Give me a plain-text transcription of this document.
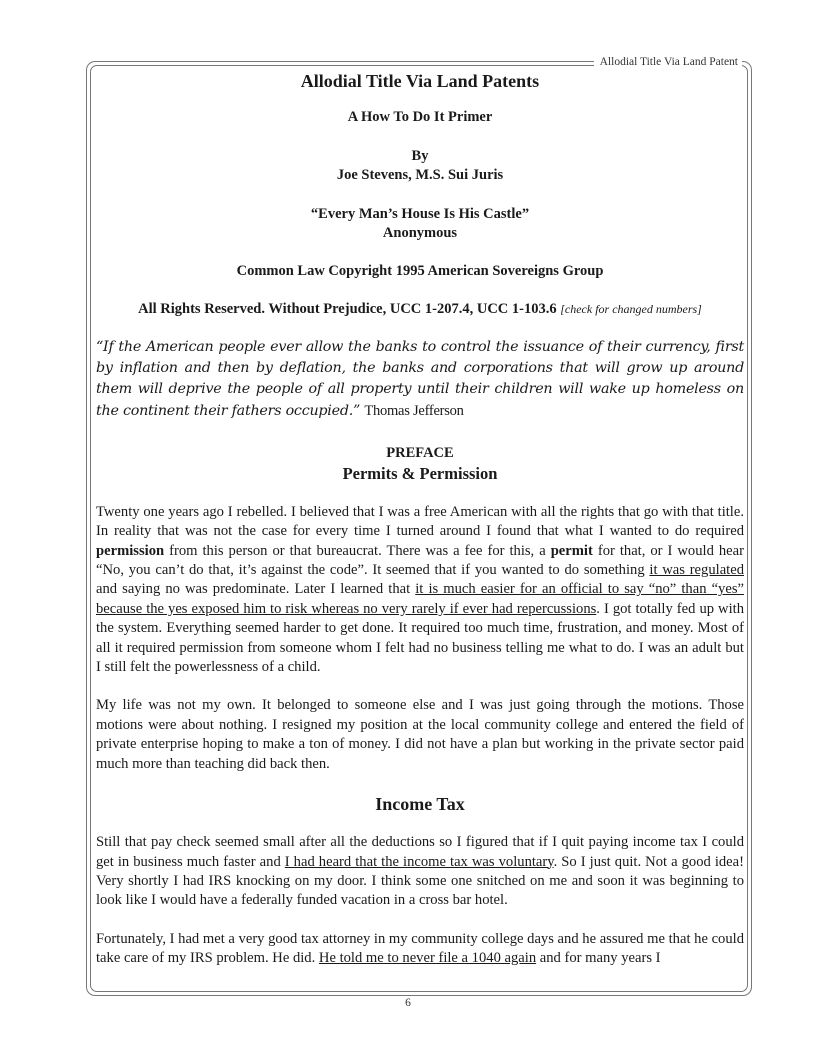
Allodial Title Via Land Patent

Allodial Title Via Land Patents

A How To Do It Primer

By

Joe Stevens, M.S. Sui Juris

“Every Man’s House Is His Castle”

Anonymous

Common Law Copyright 1995 American Sovereigns Group

All Rights Reserved. Without Prejudice, UCC 1-207.4, UCC 1-103.6 [check for changed numbers]

“If the American people ever allow the banks to control the issuance of their currency, first by inflation and then by deflation, the banks and corporations that will grow up around them will deprive the people of all property until their children will wake up homeless on the continent their fathers occupied.” Thomas Jefferson

PREFACE

Permits & Permission

Twenty one years ago I rebelled. I believed that I was a free American with all the rights that go with that title. In reality that was not the case for every time I turned around I found that what I wanted to do required permission from this person or that bureaucrat. There was a fee for this, a permit for that, or I would hear “No, you can’t do that, it’s against the code”. It seemed that if you wanted to do something it was regulated and saying no was predominate. Later I learned that it is much easier for an official to say “no” than “yes” because the yes exposed him to risk whereas no very rarely if ever had repercussions. I got totally fed up with the system. Everything seemed harder to get done. It required too much time, frustration, and money. Most of all it required permission from someone whom I felt had no business telling me what to do. I was an adult but I still felt the powerlessness of a child.

My life was not my own. It belonged to someone else and I was just going through the motions. Those motions were about nothing. I resigned my position at the local community college and entered the field of private enterprise hoping to make a ton of money. I did not have a plan but working in the private sector paid much more than teaching did back then.

Income Tax

Still that pay check seemed small after all the deductions so I figured that if I quit paying income tax I could get in business much faster and I had heard that the income tax was voluntary. So I just quit. Not a good idea! Very shortly I had IRS knocking on my door. I think some one snitched on me and soon it was beginning to look like I would have a federally funded vacation in a cross bar hotel.

Fortunately, I had met a very good tax attorney in my community college days and he assured me that he could take care of my IRS problem. He did. He told me to never file a 1040 again and for many years I

6
